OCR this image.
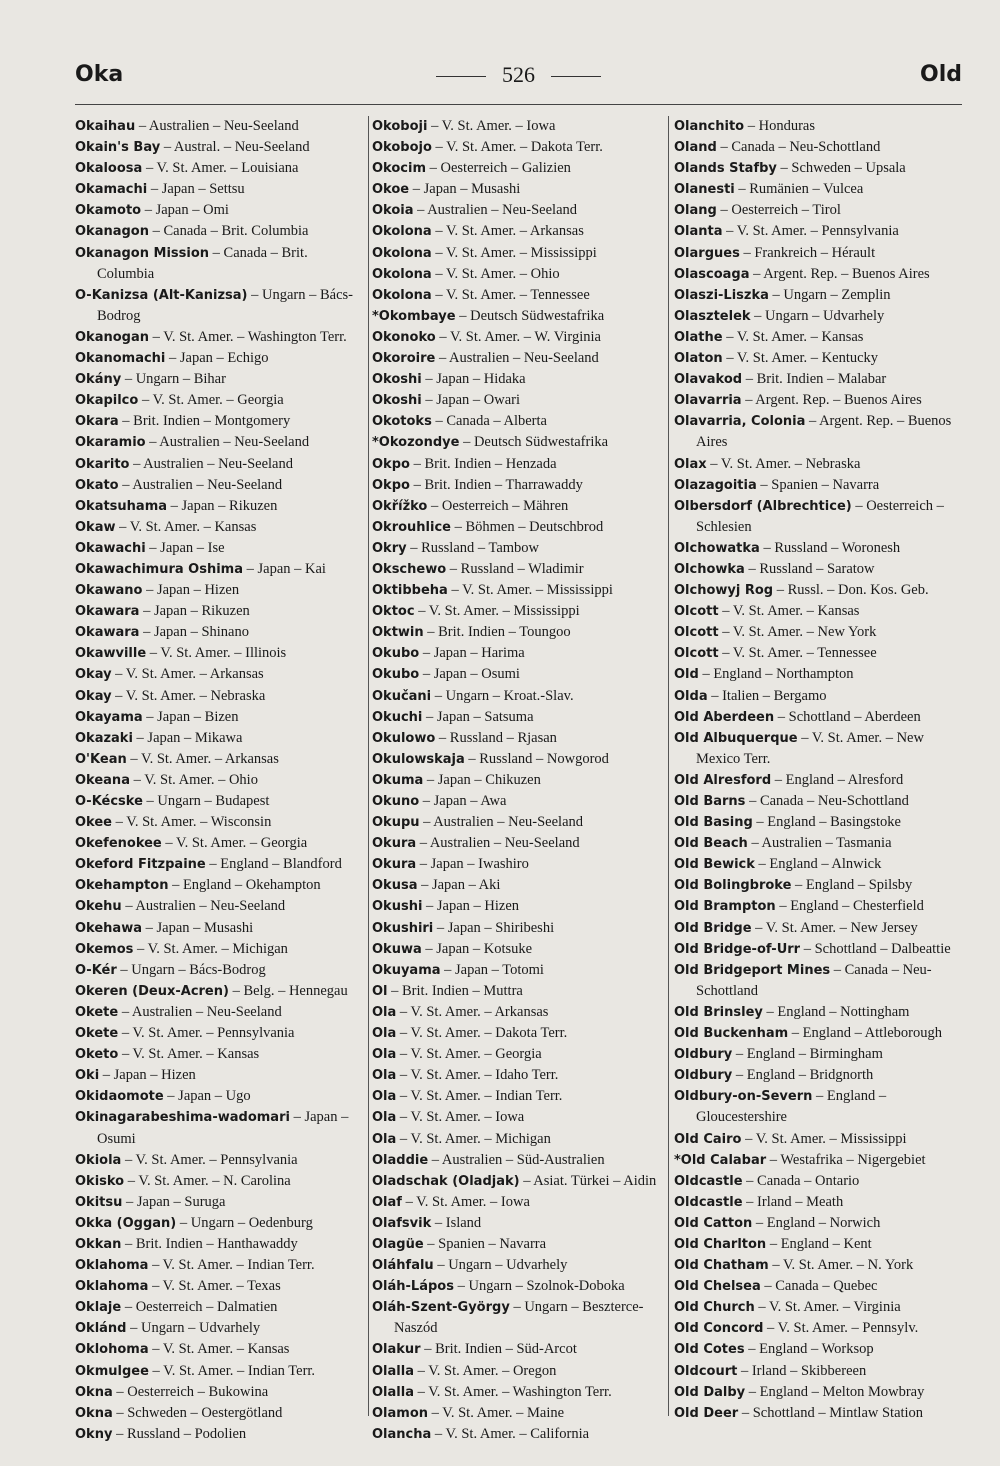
Oka	526	Old
Okaihau – Australien – Neu-Seeland
Okain's Bay – Austral. – Neu-Seeland
Okaloosa – V. St. Amer. – Louisiana
Okamachi – Japan – Settsu
Okamoto – Japan – Omi
Okanagon – Canada – Brit. Columbia
Okanagon Mission – Canada – Brit. Columbia
O-Kanizsa (Alt-Kanizsa) – Ungarn – Bács-Bodrog
Okanogan – V. St. Amer. – Washington Terr.
Okanomachi – Japan – Echigo
Okány – Ungarn – Bihar
Okapilco – V. St. Amer. – Georgia
Okara – Brit. Indien – Montgomery
Okaramio – Australien – Neu-Seeland
Okarito – Australien – Neu-Seeland
Okato – Australien – Neu-Seeland
Okatsuhama – Japan – Rikuzen
Okaw – V. St. Amer. – Kansas
Okawachi – Japan – Ise
Okawachimura Oshima – Japan – Kai
Okawano – Japan – Hizen
Okawara – Japan – Rikuzen
Okawara – Japan – Shinano
Okawville – V. St. Amer. – Illinois
Okay – V. St. Amer. – Arkansas
Okay – V. St. Amer. – Nebraska
Okayama – Japan – Bizen
Okazaki – Japan – Mikawa
O'Kean – V. St. Amer. – Arkansas
Okeana – V. St. Amer. – Ohio
O-Kécske – Ungarn – Budapest
Okee – V. St. Amer. – Wisconsin
Okefenokee – V. St. Amer. – Georgia
Okeford Fitzpaine – England – Blandford
Okehampton – England – Okehampton
Okehu – Australien – Neu-Seeland
Okehawa – Japan – Musashi
Okemos – V. St. Amer. – Michigan
O-Kér – Ungarn – Bács-Bodrog
Okeren (Deux-Acren) – Belg. – Hennegau
Okete – Australien – Neu-Seeland
Okete – V. St. Amer. – Pennsylvania
Oketo – V. St. Amer. – Kansas
Oki – Japan – Hizen
Okidaomote – Japan – Ugo
Okinagarabeshima-wadomari – Japan – Osumi
Okiola – V. St. Amer. – Pennsylvania
Okisko – V. St. Amer. – N. Carolina
Okitsu – Japan – Suruga
Okka (Oggan) – Ungarn – Oedenburg
Okkan – Brit. Indien – Hanthawaddy
Oklahoma – V. St. Amer. – Indian Terr.
Oklahoma – V. St. Amer. – Texas
Oklaje – Oesterreich – Dalmatien
Oklánd – Ungarn – Udvarhely
Oklohoma – V. St. Amer. – Kansas
Okmulgee – V. St. Amer. – Indian Terr.
Okna – Oesterreich – Bukowina
Okna – Schweden – Oestergötland
Okny – Russland – Podolien
Okoboji – V. St. Amer. – Iowa
Okobojo – V. St. Amer. – Dakota Terr.
Okocim – Oesterreich – Galizien
Okoe – Japan – Musashi
Okoia – Australien – Neu-Seeland
Okolona – V. St. Amer. – Arkansas
Okolona – V. St. Amer. – Mississippi
Okolona – V. St. Amer. – Ohio
Okolona – V. St. Amer. – Tennessee
*Okombaye – Deutsch Südwestafrika
Okonoko – V. St. Amer. – W. Virginia
Okoroire – Australien – Neu-Seeland
Okoshi – Japan – Hidaka
Okoshi – Japan – Owari
Okotoks – Canada – Alberta
*Okozondye – Deutsch Südwestafrika
Okpo – Brit. Indien – Henzada
Okpo – Brit. Indien – Tharrawaddy
Okřížko – Oesterreich – Mähren
Okrouhlice – Böhmen – Deutschbrod
Okry – Russland – Tambow
Okschewo – Russland – Wladimir
Oktibbeha – V. St. Amer. – Mississippi
Oktoc – V. St. Amer. – Mississippi
Oktwin – Brit. Indien – Toungoo
Okubo – Japan – Harima
Okubo – Japan – Osumi
Okučani – Ungarn – Kroat.-Slav.
Okuchi – Japan – Satsuma
Okulowo – Russland – Rjasan
Okulowskaja – Russland – Nowgorod
Okuma – Japan – Chikuzen
Okuno – Japan – Awa
Okupu – Australien – Neu-Seeland
Okura – Australien – Neu-Seeland
Okura – Japan – Iwashiro
Okusa – Japan – Aki
Okushi – Japan – Hizen
Okushiri – Japan – Shiribeshi
Okuwa – Japan – Kotsuke
Okuyama – Japan – Totomi
Ol – Brit. Indien – Muttra
Ola – V. St. Amer. – Arkansas
Ola – V. St. Amer. – Dakota Terr.
Ola – V. St. Amer. – Georgia
Ola – V. St. Amer. – Idaho Terr.
Ola – V. St. Amer. – Indian Terr.
Ola – V. St. Amer. – Iowa
Ola – V. St. Amer. – Michigan
Oladdie – Australien – Süd-Australien
Oladschak (Oladjak) – Asiat. Türkei – Aidin
Olaf – V. St. Amer. – Iowa
Olafsvik – Island
Olagüe – Spanien – Navarra
Oláhfalu – Ungarn – Udvarhely
Oláh-Lápos – Ungarn – Szolnok-Doboka
Oláh-Szent-György – Ungarn – Beszterce-Naszód
Olakur – Brit. Indien – Süd-Arcot
Olalla – V. St. Amer. – Oregon
Olalla – V. St. Amer. – Washington Terr.
Olamon – V. St. Amer. – Maine
Olancha – V. St. Amer. – California
Olanchito – Honduras
Oland – Canada – Neu-Schottland
Olands Stafby – Schweden – Upsala
Olanesti – Rumänien – Vulcea
Olang – Oesterreich – Tirol
Olanta – V. St. Amer. – Pennsylvania
Olargues – Frankreich – Hérault
Olascoaga – Argent. Rep. – Buenos Aires
Olaszi-Liszka – Ungarn – Zemplin
Olasztelek – Ungarn – Udvarhely
Olathe – V. St. Amer. – Kansas
Olaton – V. St. Amer. – Kentucky
Olavakod – Brit. Indien – Malabar
Olavarria – Argent. Rep. – Buenos Aires
Olavarria, Colonia – Argent. Rep. – Buenos Aires
Olax – V. St. Amer. – Nebraska
Olazagoitia – Spanien – Navarra
Olbersdorf (Albrechtice) – Oesterreich – Schlesien
Olchowatka – Russland – Woronesh
Olchowka – Russland – Saratow
Olchowyj Rog – Russl. – Don. Kos. Geb.
Olcott – V. St. Amer. – Kansas
Olcott – V. St. Amer. – New York
Olcott – V. St. Amer. – Tennessee
Old – England – Northampton
Olda – Italien – Bergamo
Old Aberdeen – Schottland – Aberdeen
Old Albuquerque – V. St. Amer. – New Mexico Terr.
Old Alresford – England – Alresford
Old Barns – Canada – Neu-Schottland
Old Basing – England – Basingstoke
Old Beach – Australien – Tasmania
Old Bewick – England – Alnwick
Old Bolingbroke – England – Spilsby
Old Brampton – England – Chesterfield
Old Bridge – V. St. Amer. – New Jersey
Old Bridge-of-Urr – Schottland – Dalbeattie
Old Bridgeport Mines – Canada – Neu-Schottland
Old Brinsley – England – Nottingham
Old Buckenham – England – Attleborough
Oldbury – England – Birmingham
Oldbury – England – Bridgnorth
Oldbury-on-Severn – England – Gloucestershire
Old Cairo – V. St. Amer. – Mississippi
*Old Calabar – Westafrika – Nigergebiet
Oldcastle – Canada – Ontario
Oldcastle – Irland – Meath
Old Catton – England – Norwich
Old Charlton – England – Kent
Old Chatham – V. St. Amer. – N. York
Old Chelsea – Canada – Quebec
Old Church – V. St. Amer. – Virginia
Old Concord – V. St. Amer. – Pennsylv.
Old Cotes – England – Worksop
Oldcourt – Irland – Skibbereen
Old Dalby – England – Melton Mowbray
Old Deer – Schottland – Mintlaw Station
